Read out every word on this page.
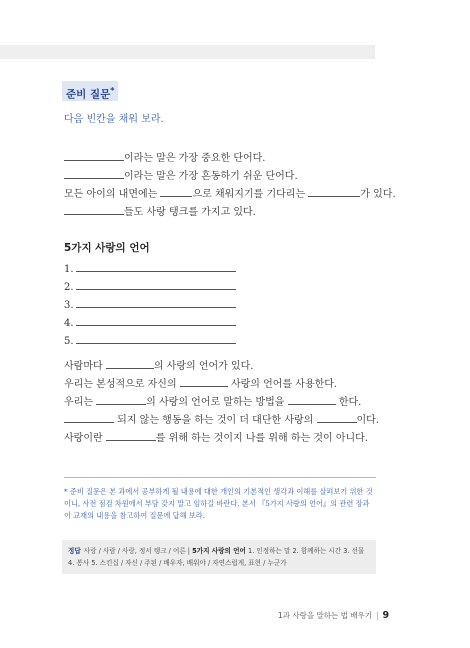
준비 질문*
다음 빈칸을 채워 보라.
이라는 말은 가장 중요한 단어다.
이라는 말은 가장 흔동하기 쉬운 단어다.
모든 아이의 내면에는	으로 채워지기를 기다리는	가 있다.
들도 사랑 탱크를 가지고 있다.
5가지 사랑의 언어
1.
2.
3.
4.
5.
사람마다	의 사랑의 언어가 있다.
우리는 본성적으로 자신의	사랑의 언어를 사용한다.
우리는	의 사랑의 언어로 말하는 방법을	한다.
되지 않는 행동을 하는 것이 더 대단한 사랑의	이다.
사랑이란	를 위해 하는 것이지 나를 위해 하는 것이 아니다.
* 준비 질문은 본 과에서 공부하게 될 내용에 대한 개인의 기본적인 생각과 이해를 살펴보기 위한 것이니, 사전 점검 차원에서 부담 갖지 말고 임하길 바란다. 본서 『5가지 사랑의 언어』의 관련 장과 이 교재의 내용을 참고하여 질문에 답해 보라.
정답 사랑 / 사람 / 사랑, 정서 탱크 / 어른 | 5가지 사랑의 언어 1. 인정하는 말 2. 함께하는 시간 3. 선물 4. 봉사 5. 스킨십 / 자신 / 주된 / 배우자, 배워야 / 자연스럽게, 표현 / 누군가
1과 사랑을 말하는 법 배우기 | 9
